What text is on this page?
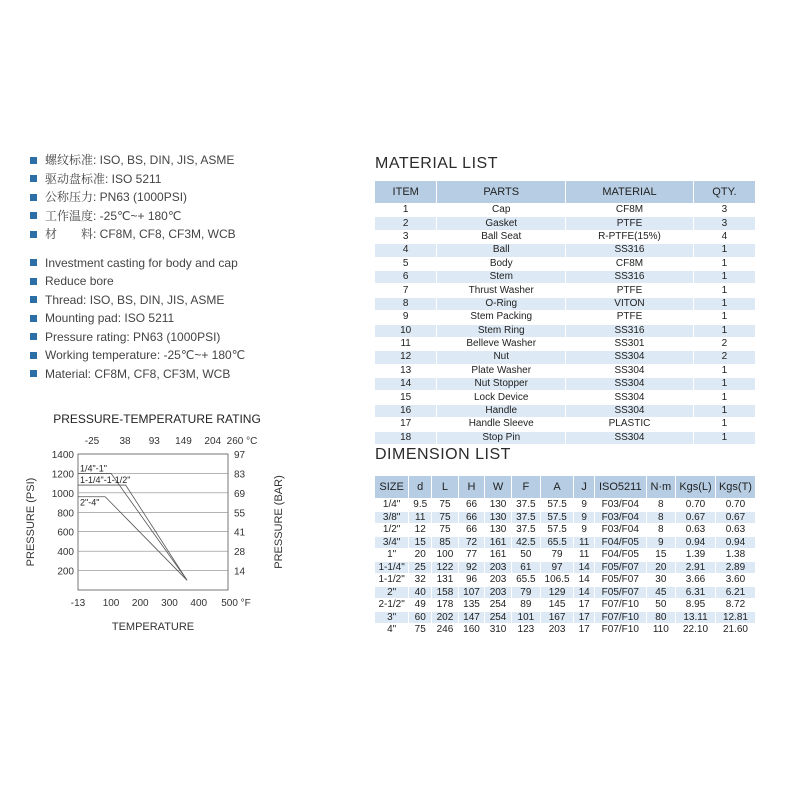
螺纹标准: ISO, BS, DIN, JIS, ASME
驱动盘标准: ISO 5211
公称压力: PN63 (1000PSI)
工作温度: -25℃~+ 180℃
材　　料: CF8M, CF8, CF3M, WCB
Investment casting for body and cap
Reduce bore
Thread: ISO, BS, DIN, JIS, ASME
Mounting pad: ISO 5211
Pressure rating: PN63 (1000PSI)
Working temperature: -25℃~+ 180℃
Material: CF8M, CF8, CF3M, WCB
PRESSURE-TEMPERATURE RATING
-25 38 93 149 204 260 °C
1400
1200
1000
800
600
400
200
97
83
69
55
41
28
14
-13 100 200 300 400 500 °F
1/4"-1"
1-1/4"-1-1/2"
2"-4"
PRESSURE (PSI)	PRESSURE (BAR)
TEMPERATURE
MATERIAL LIST
ITEM	PARTS	MATERIAL	QTY.
1	Cap	CF8M	3
2	Gasket	PTFE	3
3	Ball Seat	R-PTFE(15%)	4
4	Ball	SS316	1
5	Body	CF8M	1
6	Stem	SS316	1
7	Thrust Washer	PTFE	1
8	O-Ring	VITON	1
9	Stem Packing	PTFE	1
10	Stem Ring	SS316	1
11	Belleve Washer	SS301	2
12	Nut	SS304	2
13	Plate Washer	SS304	1
14	Nut Stopper	SS304	1
15	Lock Device	SS304	1
16	Handle	SS304	1
17	Handle Sleeve	PLASTIC	1
18	Stop Pin	SS304	1
DIMENSION LIST
SIZE	d	L	H	W	F	A	J	ISO5211	N·m	Kgs(L)	Kgs(T)
1/4"	9.5	75	66	130	37.5	57.5	9	F03/F04	8	0.70	0.70
3/8"	11	75	66	130	37.5	57.5	9	F03/F04	8	0.67	0.67
1/2"	12	75	66	130	37.5	57.5	9	F03/F04	8	0.63	0.63
3/4"	15	85	72	161	42.5	65.5	11	F04/F05	9	0.94	0.94
1"	20	100	77	161	50	79	11	F04/F05	15	1.39	1.38
1-1/4"	25	122	92	203	61	97	14	F05/F07	20	2.91	2.89
1-1/2"	32	131	96	203	65.5	106.5	14	F05/F07	30	3.66	3.60
2"	40	158	107	203	79	129	14	F05/F07	45	6.31	6.21
2-1/2"	49	178	135	254	89	145	17	F07/F10	50	8.95	8.72
3"	60	202	147	254	101	167	17	F07/F10	80	13.11	12.81
4"	75	246	160	310	123	203	17	F07/F10	110	22.10	21.60
